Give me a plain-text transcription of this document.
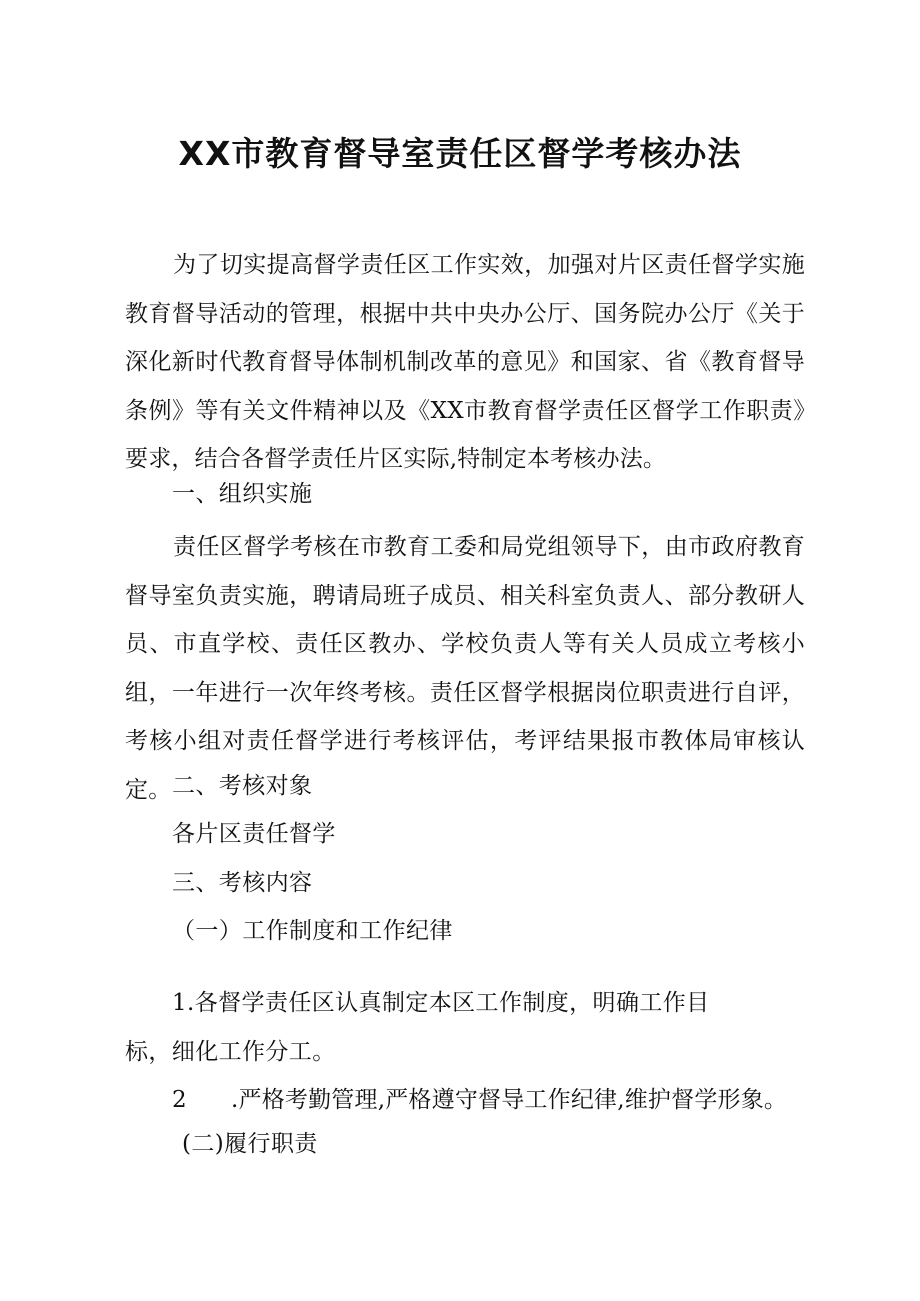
XX市教育督导室责任区督学考核办法
为了切实提高督学责任区工作实效，加强对片区责任督学实施教育督导活动的管理，根据中共中央办公厅、国务院办公厅《关于深化新时代教育督导体制机制改革的意见》和国家、省《教育督导条例》等有关文件精神以及《XX市教育督学责任区督学工作职责》要求，结合各督学责任片区实际,特制定本考核办法。
一、组织实施
责任区督学考核在市教育工委和局党组领导下，由市政府教育督导室负责实施，聘请局班子成员、相关科室负责人、部分教研人员、市直学校、责任区教办、学校负责人等有关人员成立考核小组，一年进行一次年终考核。责任区督学根据岗位职责进行自评，考核小组对责任督学进行考核评估，考评结果报市教体局审核认定。 二、考核对象
各片区责任督学
三、考核内容
（一）工作制度和工作纪律
1.各督学责任区认真制定本区工作制度，明确工作目
标，细化工作分工。
2 .严格考勤管理,严格遵守督导工作纪律,维护督学形象。
(二)履行职责
